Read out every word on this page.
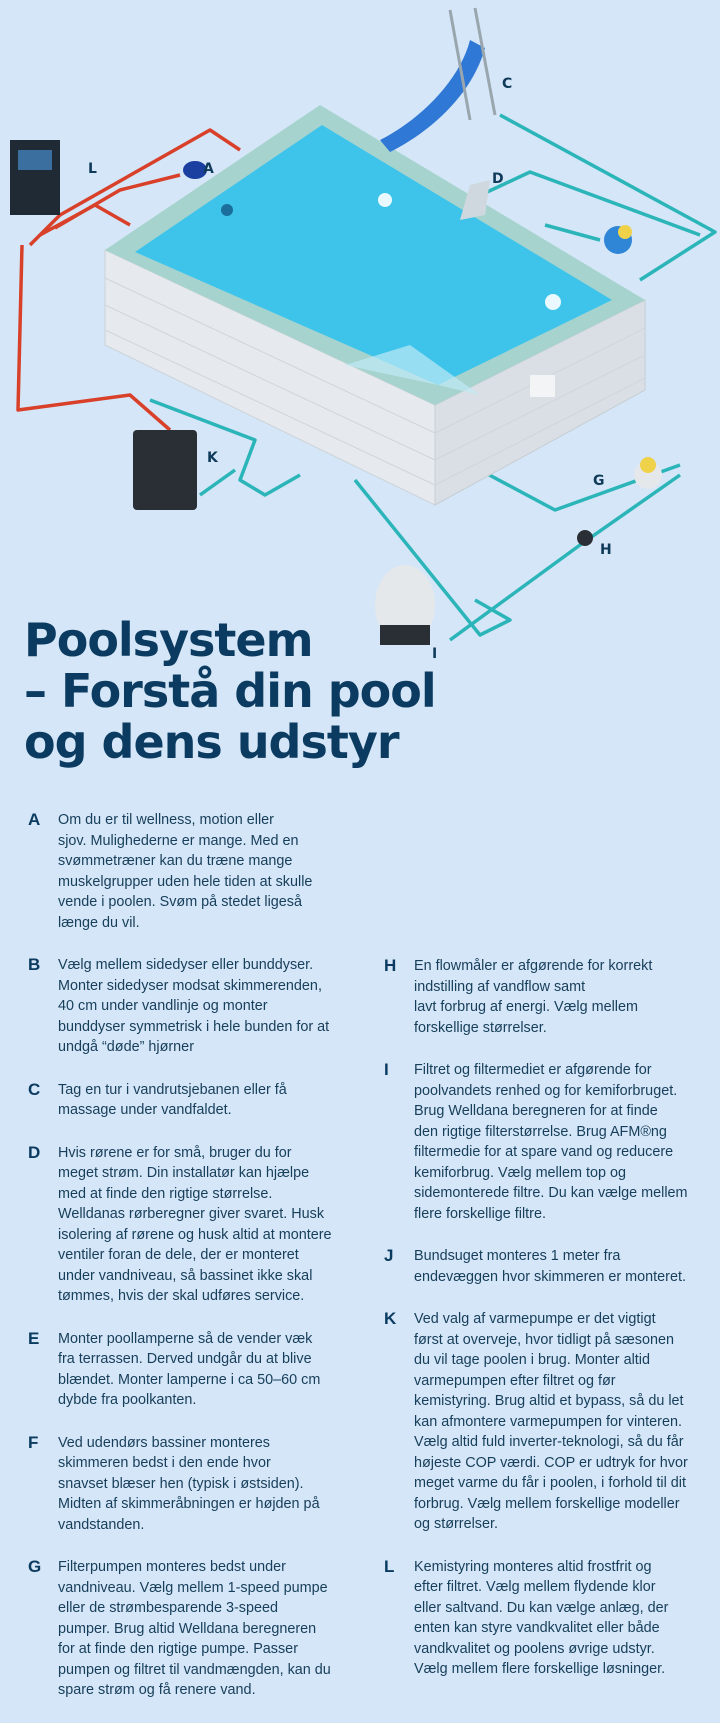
A
C
D
G
H
I
K
L
Poolsystem
– Forstå din pool
og dens udstyr
A Om du er til wellness, motion eller
sjov. Mulighederne er mange. Med en
svømmetræner kan du træne mange
muskelgrupper uden hele tiden at skulle
vende i poolen. Svøm på stedet ligeså
længe du vil.
B Vælg mellem sidedyser eller bunddyser.
Monter sidedyser modsat skimmerenden,
40 cm under vandlinje og monter
bunddyser symmetrisk i hele bunden for at
undgå “døde” hjørner
C Tag en tur i vandrutsjebanen eller få
massage under vandfaldet.
D Hvis rørene er for små, bruger du for
meget strøm. Din installatør kan hjælpe
med at finde den rigtige størrelse.
Welldanas rørberegner giver svaret. Husk
isolering af rørene og husk altid at montere
ventiler foran de dele, der er monteret
under vandniveau, så bassinet ikke skal
tømmes, hvis der skal udføres service.
E Monter poollamperne så de vender væk
fra terrassen. Derved undgår du at blive
blændet. Monter lamperne i ca 50–60 cm
dybde fra poolkanten.
F Ved udendørs bassiner monteres
skimmeren bedst i den ende hvor
snavset blæser hen (typisk i østsiden).
Midten af skimmeråbningen er højden på
vandstanden.
G Filterpumpen monteres bedst under
vandniveau. Vælg mellem 1-speed pumpe
eller de strømbesparende 3-speed
pumper. Brug altid Welldana beregneren
for at finde den rigtige pumpe. Passer
pumpen og filtret til vandmængden, kan du
spare strøm og få renere vand.
H En flowmåler er afgørende for korrekt
indstilling af vandflow samt
lavt forbrug af energi. Vælg mellem
forskellige størrelser.
I Filtret og filtermediet er afgørende for
poolvandets renhed og for kemiforbruget.
Brug Welldana beregneren for at finde
den rigtige filterstørrelse. Brug AFM®ng
filtermedie for at spare vand og reducere
kemiforbrug. Vælg mellem top og
sidemonterede filtre. Du kan vælge mellem
flere forskellige filtre.
J Bundsuget monteres 1 meter fra
endevæggen hvor skimmeren er monteret.
K Ved valg af varmepumpe er det vigtigt
først at overveje, hvor tidligt på sæsonen
du vil tage poolen i brug. Monter altid
varmepumpen efter filtret og før
kemistyring. Brug altid et bypass, så du let
kan afmontere varmepumpen for vinteren.
Vælg altid fuld inverter-teknologi, så du får
højeste COP værdi. COP er udtryk for hvor
meget varme du får i poolen, i forhold til dit
forbrug. Vælg mellem forskellige modeller
og størrelser.
L Kemistyring monteres altid frostfrit og
efter filtret. Vælg mellem flydende klor
eller saltvand. Du kan vælge anlæg, der
enten kan styre vandkvalitet eller både
vandkvalitet og poolens øvrige udstyr.
Vælg mellem flere forskellige løsninger.
